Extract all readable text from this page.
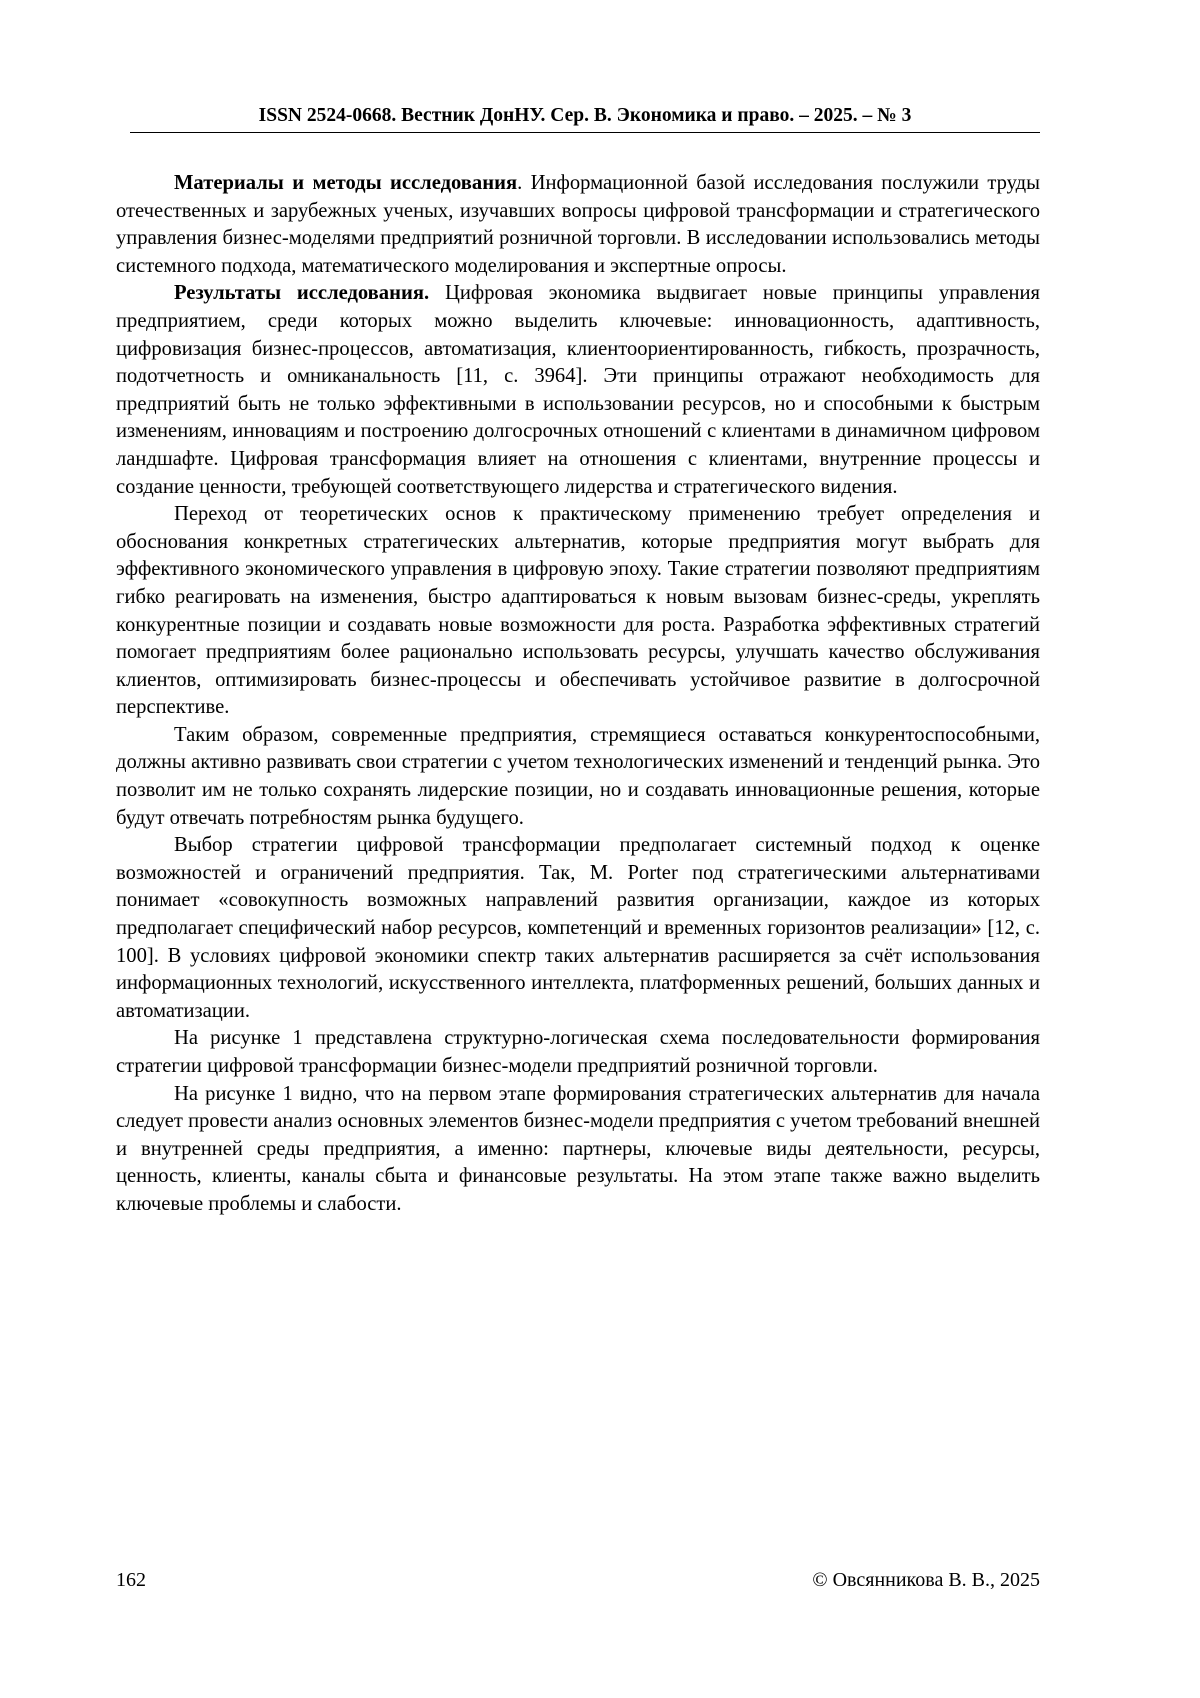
ISSN 2524-0668. Вестник ДонНУ. Сер. В. Экономика и право. – 2025. – № 3

Материалы и методы исследования. Информационной базой исследования послужили труды отечественных и зарубежных ученых, изучавших вопросы цифровой трансформации и стратегического управления бизнес-моделями предприятий розничной торговли. В исследовании использовались методы системного подхода, математического моделирования и экспертные опросы.

Результаты исследования. Цифровая экономика выдвигает новые принципы управления предприятием, среди которых можно выделить ключевые: инновационность, адаптивность, цифровизация бизнес-процессов, автоматизация, клиентоориентированность, гибкость, прозрачность, подотчетность и омниканальность [11, с. 3964]. Эти принципы отражают необходимость для предприятий быть не только эффективными в использовании ресурсов, но и способными к быстрым изменениям, инновациям и построению долгосрочных отношений с клиентами в динамичном цифровом ландшафте. Цифровая трансформация влияет на отношения с клиентами, внутренние процессы и создание ценности, требующей соответствующего лидерства и стратегического видения.

Переход от теоретических основ к практическому применению требует определения и обоснования конкретных стратегических альтернатив, которые предприятия могут выбрать для эффективного экономического управления в цифровую эпоху. Такие стратегии позволяют предприятиям гибко реагировать на изменения, быстро адаптироваться к новым вызовам бизнес-среды, укреплять конкурентные позиции и создавать новые возможности для роста. Разработка эффективных стратегий помогает предприятиям более рационально использовать ресурсы, улучшать качество обслуживания клиентов, оптимизировать бизнес-процессы и обеспечивать устойчивое развитие в долгосрочной перспективе.

Таким образом, современные предприятия, стремящиеся оставаться конкурентоспособными, должны активно развивать свои стратегии с учетом технологических изменений и тенденций рынка. Это позволит им не только сохранять лидерские позиции, но и создавать инновационные решения, которые будут отвечать потребностям рынка будущего.

Выбор стратегии цифровой трансформации предполагает системный подход к оценке возможностей и ограничений предприятия. Так, M. Porter под стратегическими альтернативами понимает «совокупность возможных направлений развития организации, каждое из которых предполагает специфический набор ресурсов, компетенций и временных горизонтов реализации» [12, с. 100]. В условиях цифровой экономики спектр таких альтернатив расширяется за счёт использования информационных технологий, искусственного интеллекта, платформенных решений, больших данных и автоматизации.

На рисунке 1 представлена структурно-логическая схема последовательности формирования стратегии цифровой трансформации бизнес-модели предприятий розничной торговли.

На рисунке 1 видно, что на первом этапе формирования стратегических альтернатив для начала следует провести анализ основных элементов бизнес-модели предприятия с учетом требований внешней и внутренней среды предприятия, а именно: партнеры, ключевые виды деятельности, ресурсы, ценность, клиенты, каналы сбыта и финансовые результаты. На этом этапе также важно выделить ключевые проблемы и слабости.

162	© Овсянникова В. В., 2025
